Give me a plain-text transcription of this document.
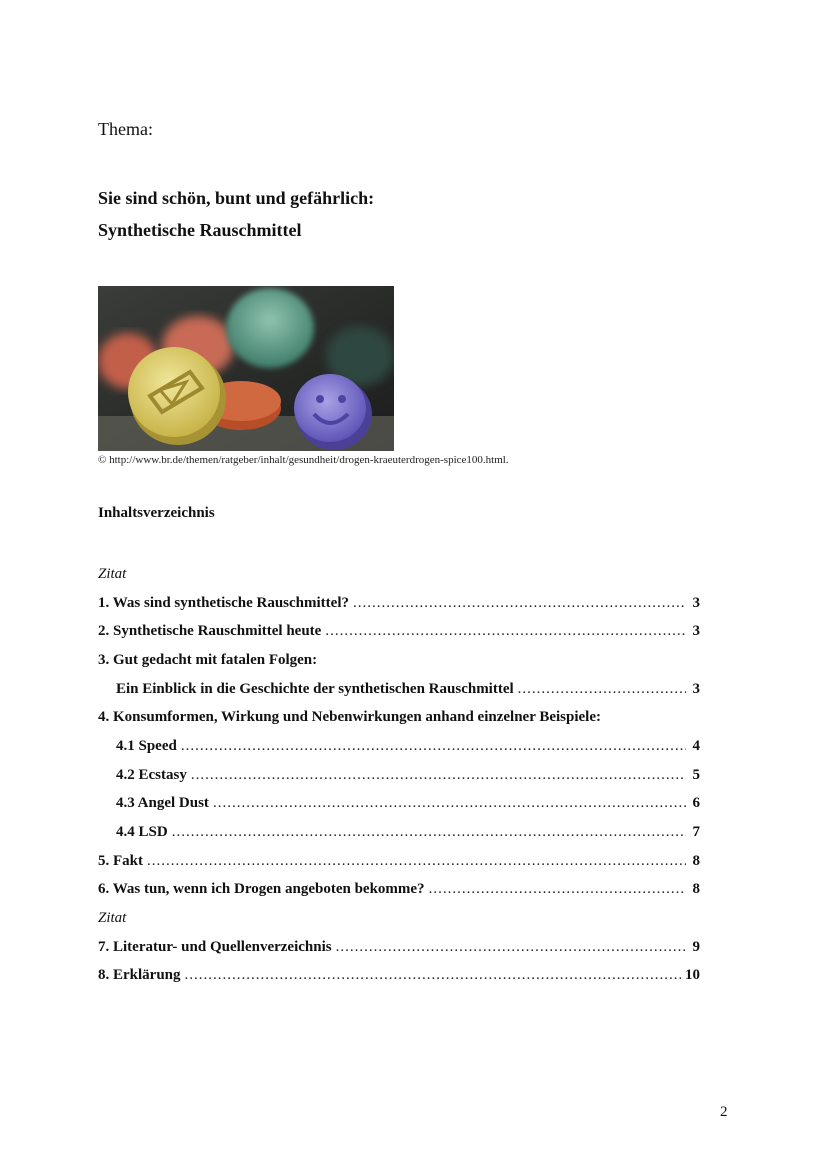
Thema:
Sie sind schön, bunt und gefährlich:
Synthetische Rauschmittel
© http://www.br.de/themen/ratgeber/inhalt/gesundheit/drogen-kraeuterdrogen-spice100.html.
Inhaltsverzeichnis
Zitat
1. Was sind synthetische Rauschmittel? .....	3
2. Synthetische Rauschmittel heute .....	3
3. Gut gedacht mit fatalen Folgen:
Ein Einblick in die Geschichte der synthetischen Rauschmittel .....	3
4. Konsumformen, Wirkung und Nebenwirkungen anhand einzelner Beispiele:
4.1 Speed .....	4
4.2 Ecstasy .....	5
4.3 Angel Dust .....	6
4.4 LSD .....	7
5. Fakt .....	8
6. Was tun, wenn ich Drogen angeboten bekomme? .....	8
Zitat
7. Literatur- und Quellenverzeichnis .....	9
8. Erklärung .....	10
2
